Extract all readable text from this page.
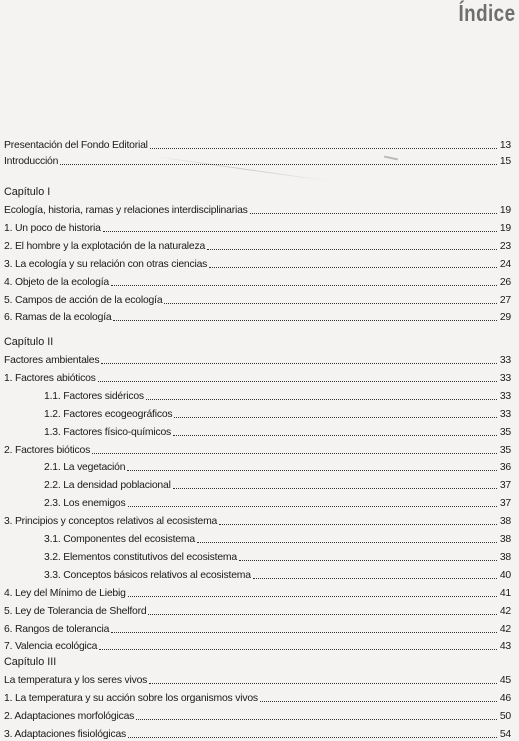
Índice
Presentación del Fondo Editorial	13
Introducción	15
Capítulo I
Ecología, historia, ramas y relaciones interdisciplinarias	19
1. Un poco de historia	19
2. El hombre y la explotación de la naturaleza	23
3. La ecología y su relación con otras ciencias	24
4. Objeto de la ecología	26
5. Campos de acción de la ecología	27
6. Ramas de la ecología	29
Capítulo II
Factores ambientales	33
1. Factores abióticos	33
1.1. Factores sidéricos	33
1.2. Factores ecogeográficos	33
1.3. Factores físico-químicos	35
2. Factores bióticos	35
2.1. La vegetación	36
2.2. La densidad poblacional	37
2.3. Los enemigos	37
3. Principios y conceptos relativos al ecosistema	38
3.1. Componentes del ecosistema	38
3.2. Elementos constitutivos del ecosistema	38
3.3. Conceptos básicos relativos al ecosistema	40
4. Ley del Mínimo de Liebig	41
5. Ley de Tolerancia de Shelford	42
6. Rangos de tolerancia	42
7. Valencia ecológica	43
Capítulo III
La temperatura y los seres vivos	45
1. La temperatura y su acción sobre los organismos vivos	46
2. Adaptaciones morfológicas	50
3. Adaptaciones fisiológicas	54
